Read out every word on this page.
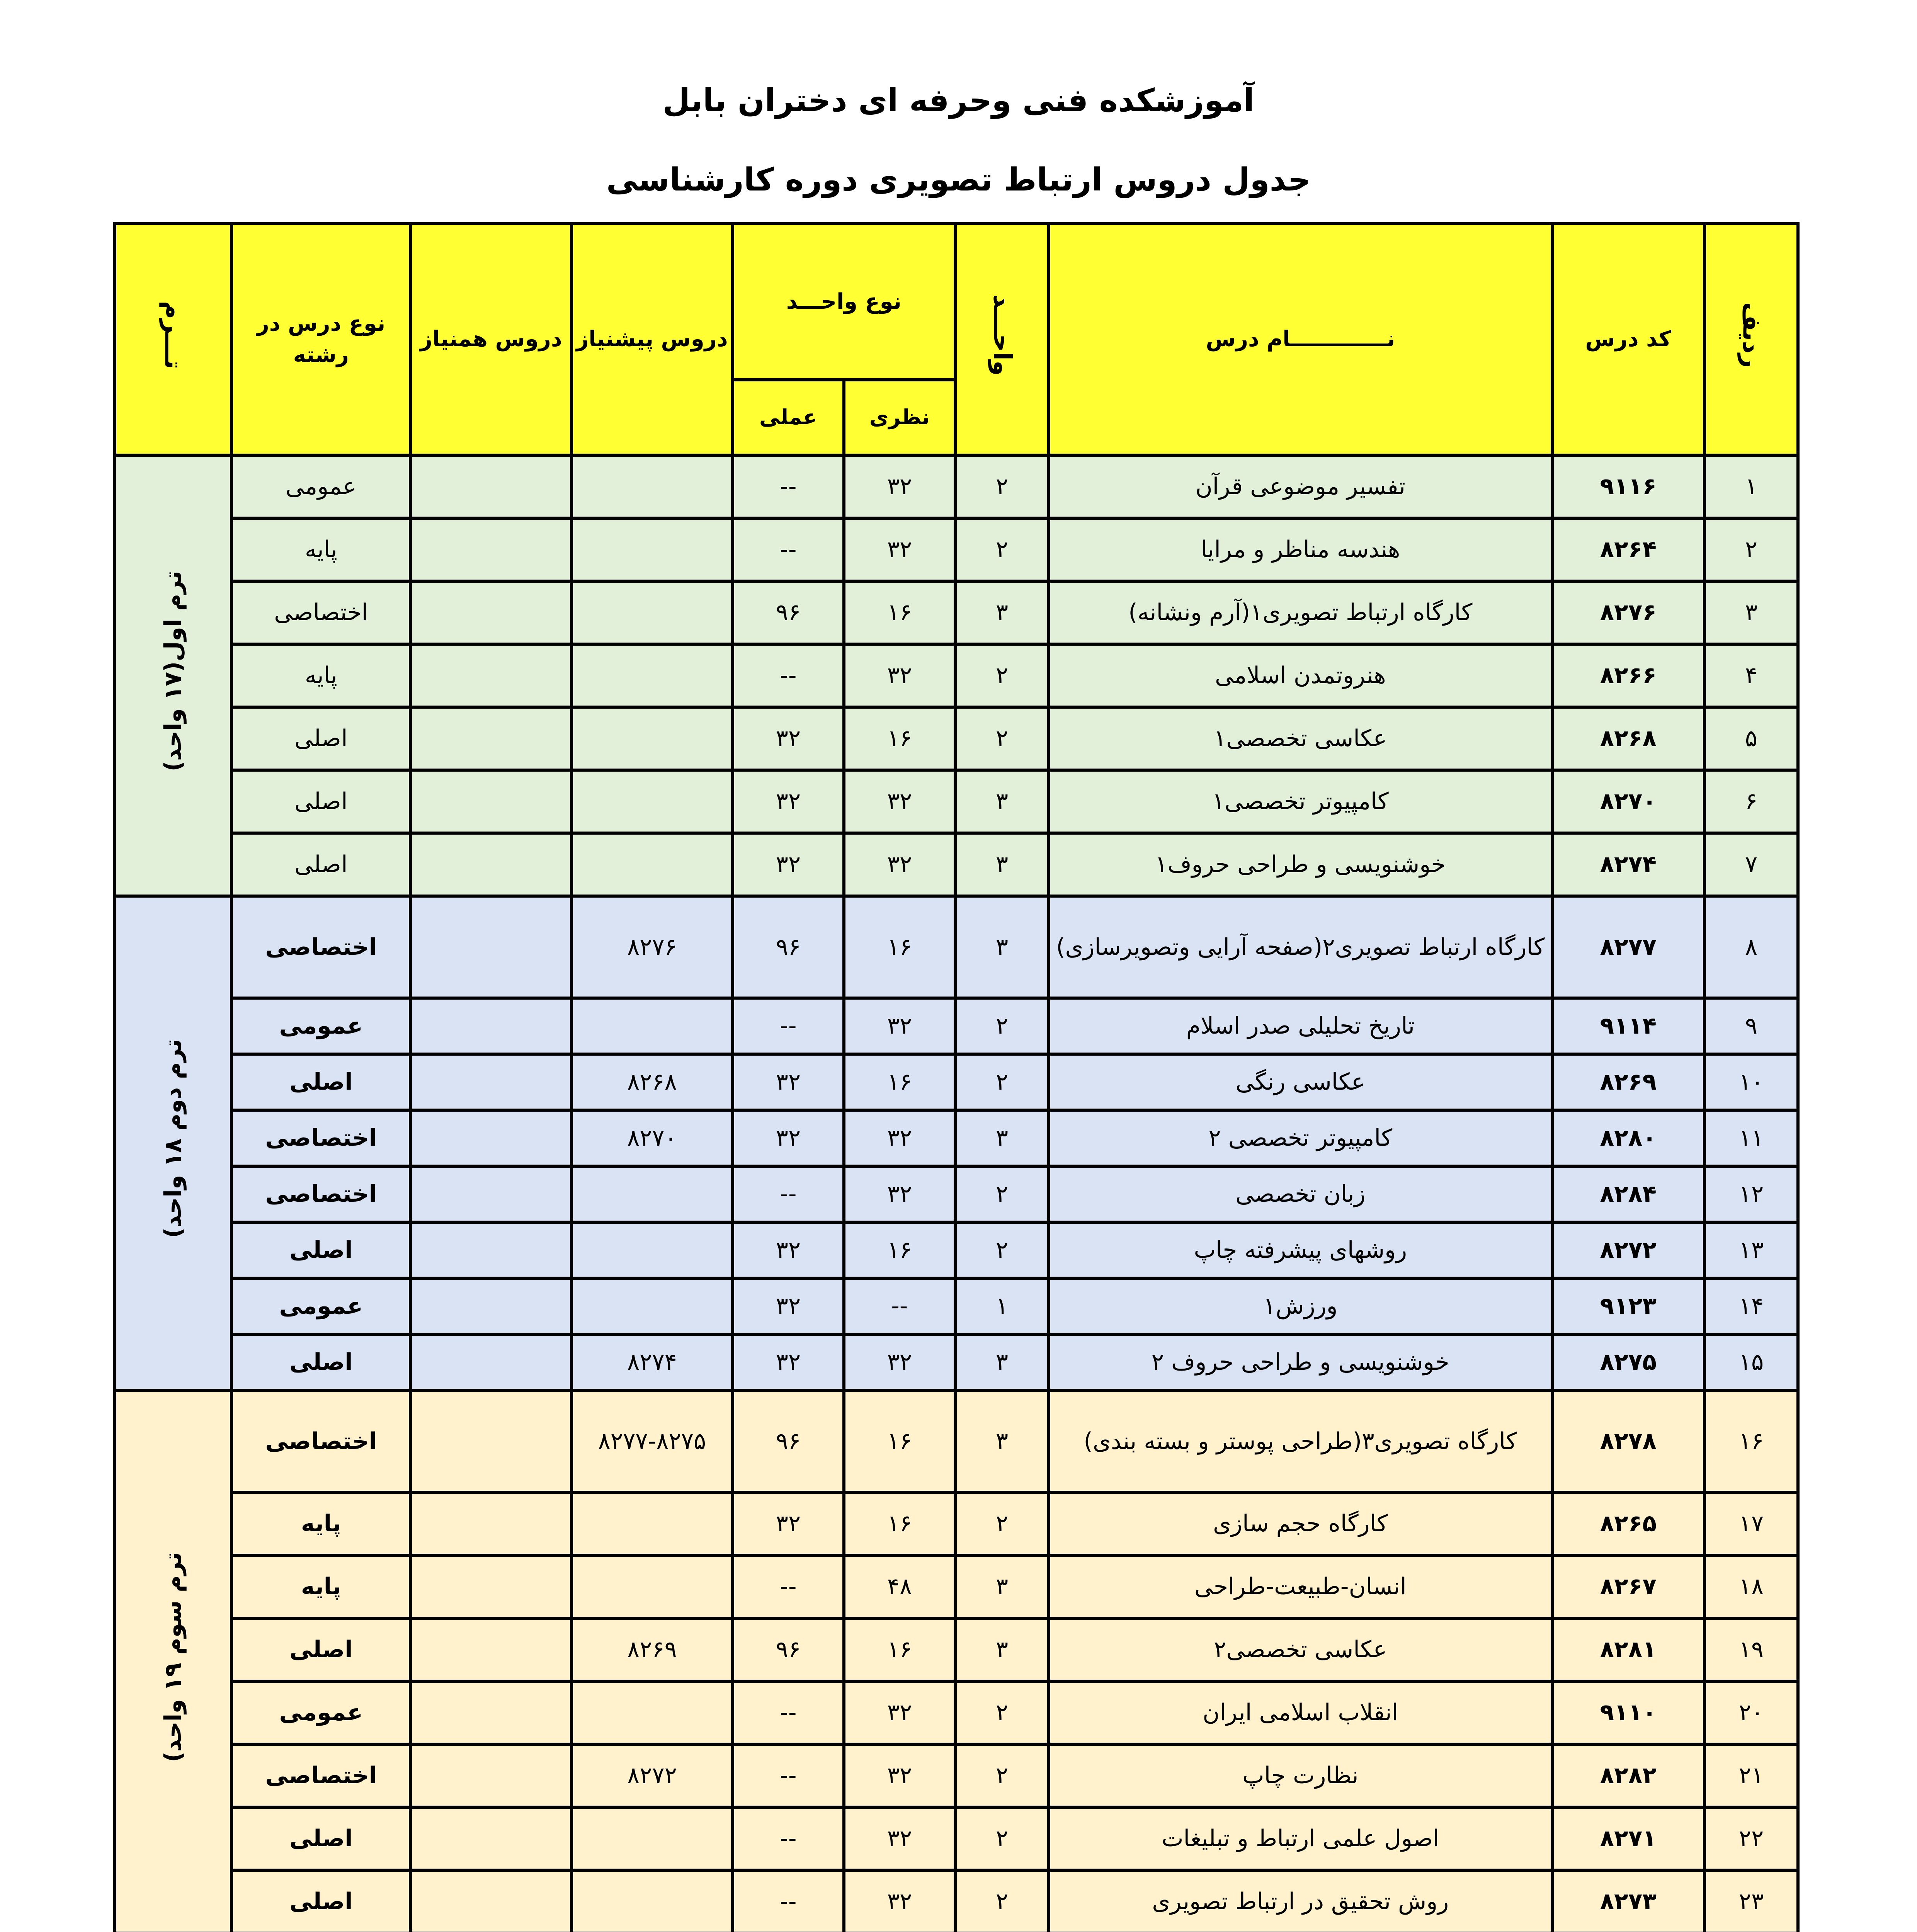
آموزشکده فنی وحرفه ای دختران بابل
جدول دروس ارتباط تصویری دوره کارشناسی
ردیف	کد درس	نـــــــــــــام درس	واحـــد	نوع واحـــد		دروس پیشنیاز	دروس همنیاز	نوع درس در رشته	تـــرم
				نظری	عملی				
۱	۹۱۱۶	تفسیر موضوعی قرآن	۲	۳۲	--			عمومی	ترم اول(۱۷ واحد)
۲	۸۲۶۴	هندسه مناظر و مرایا	۲	۳۲	--			پایه	
۳	۸۲۷۶	کارگاه ارتباط تصویری۱(آرم ونشانه)	۳	۱۶	۹۶			اختصاصی	
۴	۸۲۶۶	هنروتمدن اسلامی	۲	۳۲	--			پایه	
۵	۸۲۶۸	عکاسی تخصصی۱	۲	۱۶	۳۲			اصلی	
۶	۸۲۷۰	کامپیوتر تخصصی۱	۳	۳۲	۳۲			اصلی	
۷	۸۲۷۴	خوشنویسی و طراحی حروف۱	۳	۳۲	۳۲			اصلی	
۸	۸۲۷۷	کارگاه ارتباط تصویری۲(صفحه آرایی وتصویرسازی)	۳	۱۶	۹۶	۸۲۷۶		اختصاصی	ترم دوم ۱۸ واحد)
۹	۹۱۱۴	تاریخ تحلیلی صدر اسلام	۲	۳۲	--			عمومی	
۱۰	۸۲۶۹	عکاسی رنگی	۲	۱۶	۳۲	۸۲۶۸		اصلی	
۱۱	۸۲۸۰	کامپیوتر تخصصی ۲	۳	۳۲	۳۲	۸۲۷۰		اختصاصی	
۱۲	۸۲۸۴	زبان تخصصی	۲	۳۲	--			اختصاصی	
۱۳	۸۲۷۲	روشهای پیشرفته چاپ	۲	۱۶	۳۲			اصلی	
۱۴	۹۱۲۳	ورزش۱	۱	--	۳۲			عمومی	
۱۵	۸۲۷۵	خوشنویسی و طراحی حروف ۲	۳	۳۲	۳۲	۸۲۷۴		اصلی	
۱۶	۸۲۷۸	کارگاه تصویری۳(طراحی پوستر و بسته بندی)	۳	۱۶	۹۶	۸۲۷۷-۸۲۷۵		اختصاصی	ترم سوم ۱۹ واحد)
۱۷	۸۲۶۵	کارگاه حجم سازی	۲	۱۶	۳۲			پایه	
۱۸	۸۲۶۷	انسان-طبیعت-طراحی	۳	۴۸	--			پایه	
۱۹	۸۲۸۱	عکاسی تخصصی۲	۳	۱۶	۹۶	۸۲۶۹		اصلی	
۲۰	۹۱۱۰	انقلاب اسلامی ایران	۲	۳۲	--			عمومی	
۲۱	۸۲۸۲	نظارت چاپ	۲	۳۲	--	۸۲۷۲		اختصاصی	
۲۲	۸۲۷۱	اصول علمی ارتباط و تبلیغات	۲	۳۲	--			اصلی	
۲۳	۸۲۷۳	روش تحقیق در ارتباط تصویری	۲	۳۲	--			اصلی	
